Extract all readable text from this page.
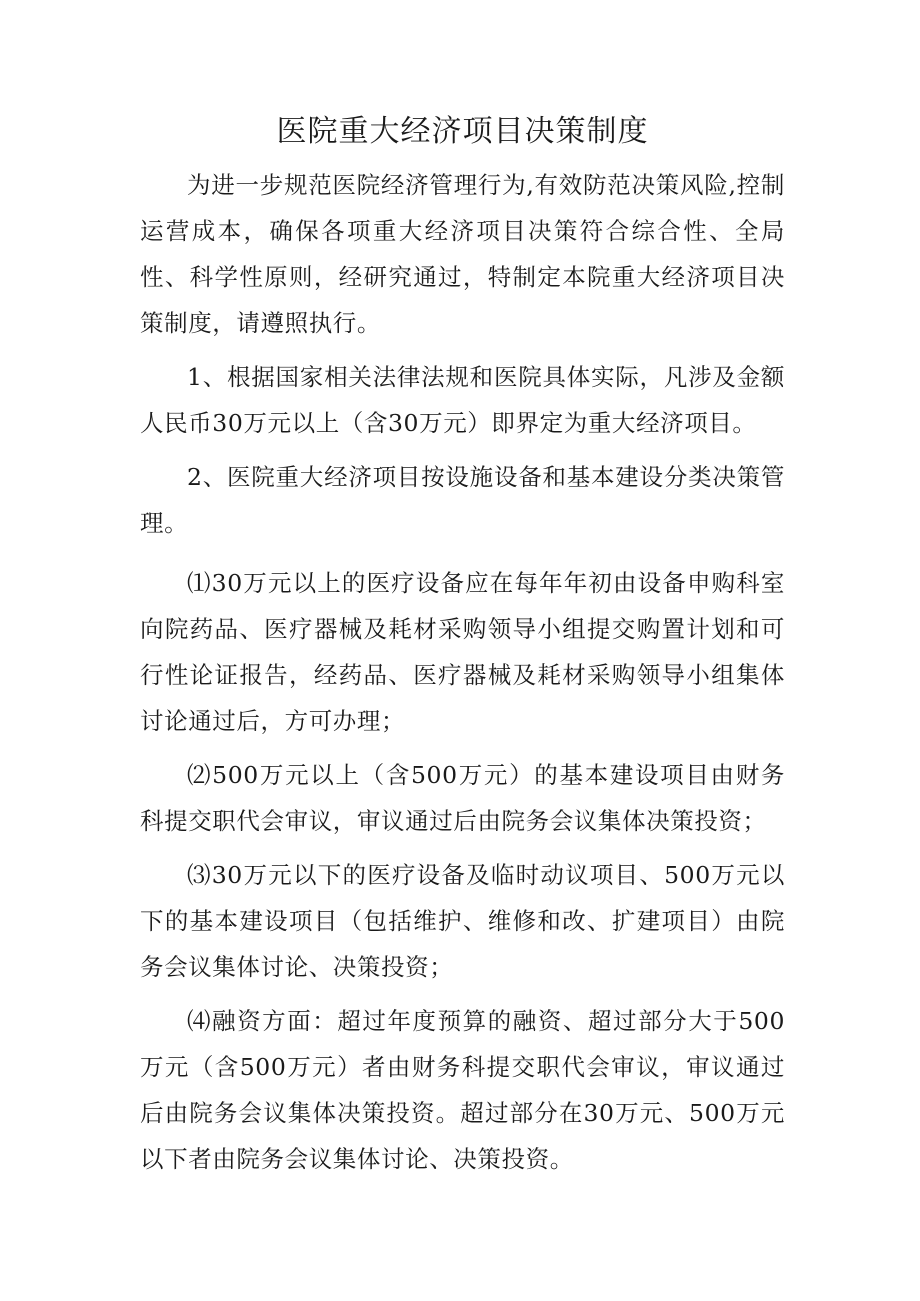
医院重大经济项目决策制度

为进一步规范医院经济管理行为,有效防范决策风险,控制运营成本，确保各项重大经济项目决策符合综合性、全局性、科学性原则，经研究通过，特制定本院重大经济项目决策制度，请遵照执行。

1、根据国家相关法律法规和医院具体实际，凡涉及金额人民币30万元以上（含30万元）即界定为重大经济项目。

2、医院重大经济项目按设施设备和基本建设分类决策管理。

⑴30万元以上的医疗设备应在每年年初由设备申购科室向院药品、医疗器械及耗材采购领导小组提交购置计划和可行性论证报告，经药品、医疗器械及耗材采购领导小组集体讨论通过后，方可办理；

⑵500万元以上（含500万元）的基本建设项目由财务科提交职代会审议，审议通过后由院务会议集体决策投资；

⑶30万元以下的医疗设备及临时动议项目、500万元以下的基本建设项目（包括维护、维修和改、扩建项目）由院务会议集体讨论、决策投资；

⑷融资方面：超过年度预算的融资、超过部分大于500万元（含500万元）者由财务科提交职代会审议，审议通过后由院务会议集体决策投资。超过部分在30万元、500万元以下者由院务会议集体讨论、决策投资。
